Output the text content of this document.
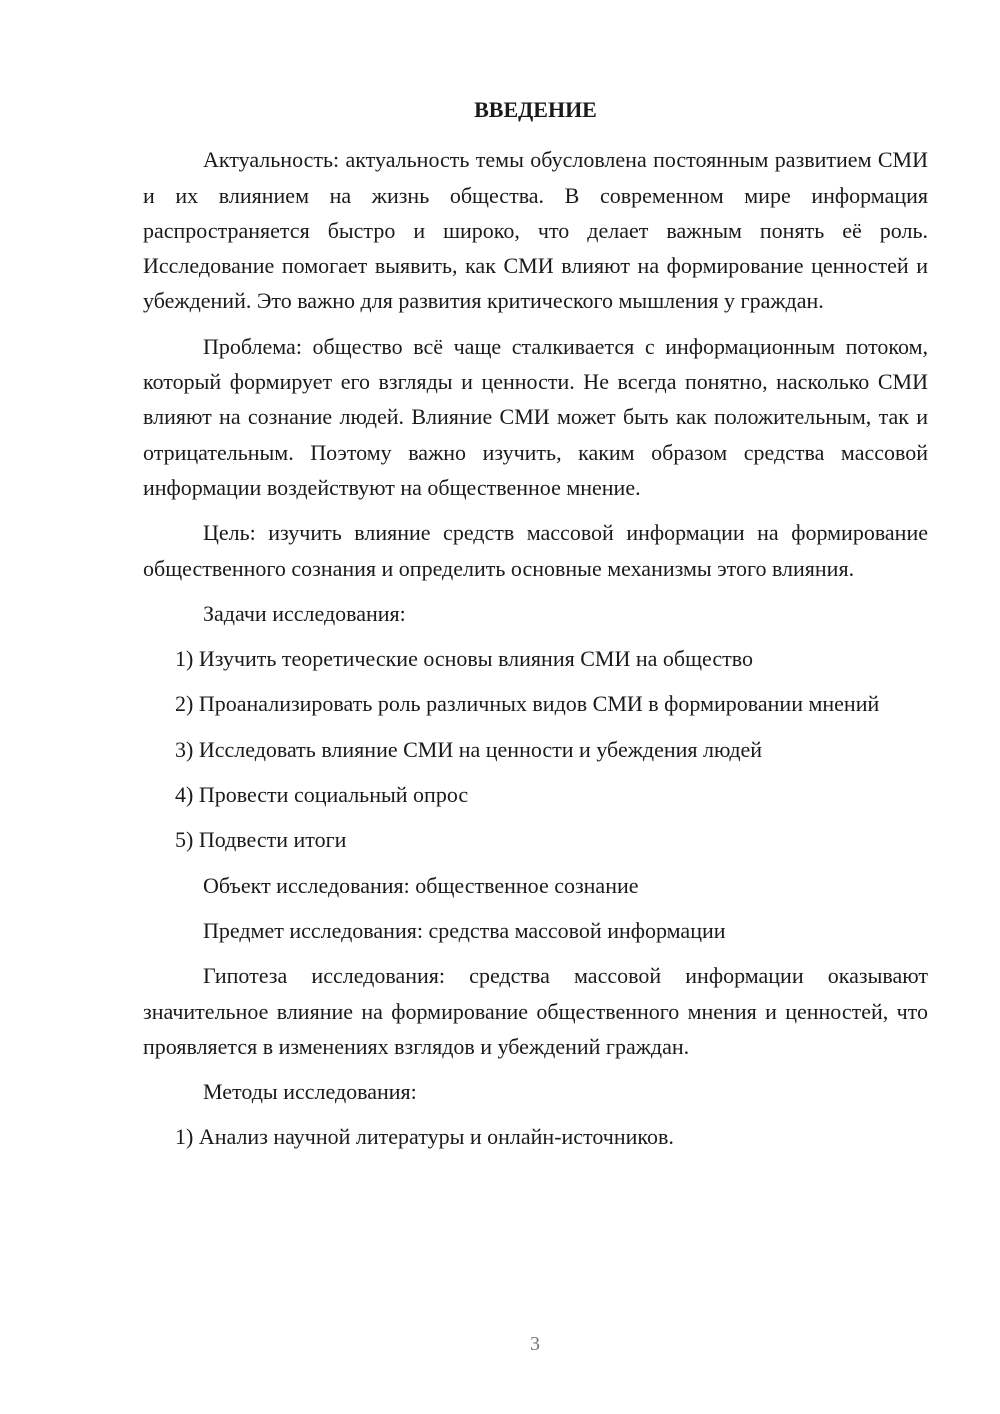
ВВЕДЕНИЕ

Актуальность: актуальность темы обусловлена постоянным развитием СМИ и их влиянием на жизнь общества. В современном мире информация распространяется быстро и широко, что делает важным понять её роль. Исследование помогает выявить, как СМИ влияют на формирование ценностей и убеждений. Это важно для развития критического мышления у граждан.

Проблема: общество всё чаще сталкивается с информационным потоком, который формирует его взгляды и ценности. Не всегда понятно, насколько СМИ влияют на сознание людей. Влияние СМИ может быть как положительным, так и отрицательным. Поэтому важно изучить, каким образом средства массовой информации воздействуют на общественное мнение.

Цель: изучить влияние средств массовой информации на формирование общественного сознания и определить основные механизмы этого влияния.

Задачи исследования:

1) Изучить теоретические основы влияния СМИ на общество

2) Проанализировать роль различных видов СМИ в формировании мнений

3) Исследовать влияние СМИ на ценности и убеждения людей

4) Провести социальный опрос

5) Подвести итоги

Объект исследования: общественное сознание

Предмет исследования: средства массовой информации

Гипотеза исследования: средства массовой информации оказывают значительное влияние на формирование общественного мнения и ценностей, что проявляется в изменениях взглядов и убеждений граждан.

Методы исследования:

1) Анализ научной литературы и онлайн-источников.

3
